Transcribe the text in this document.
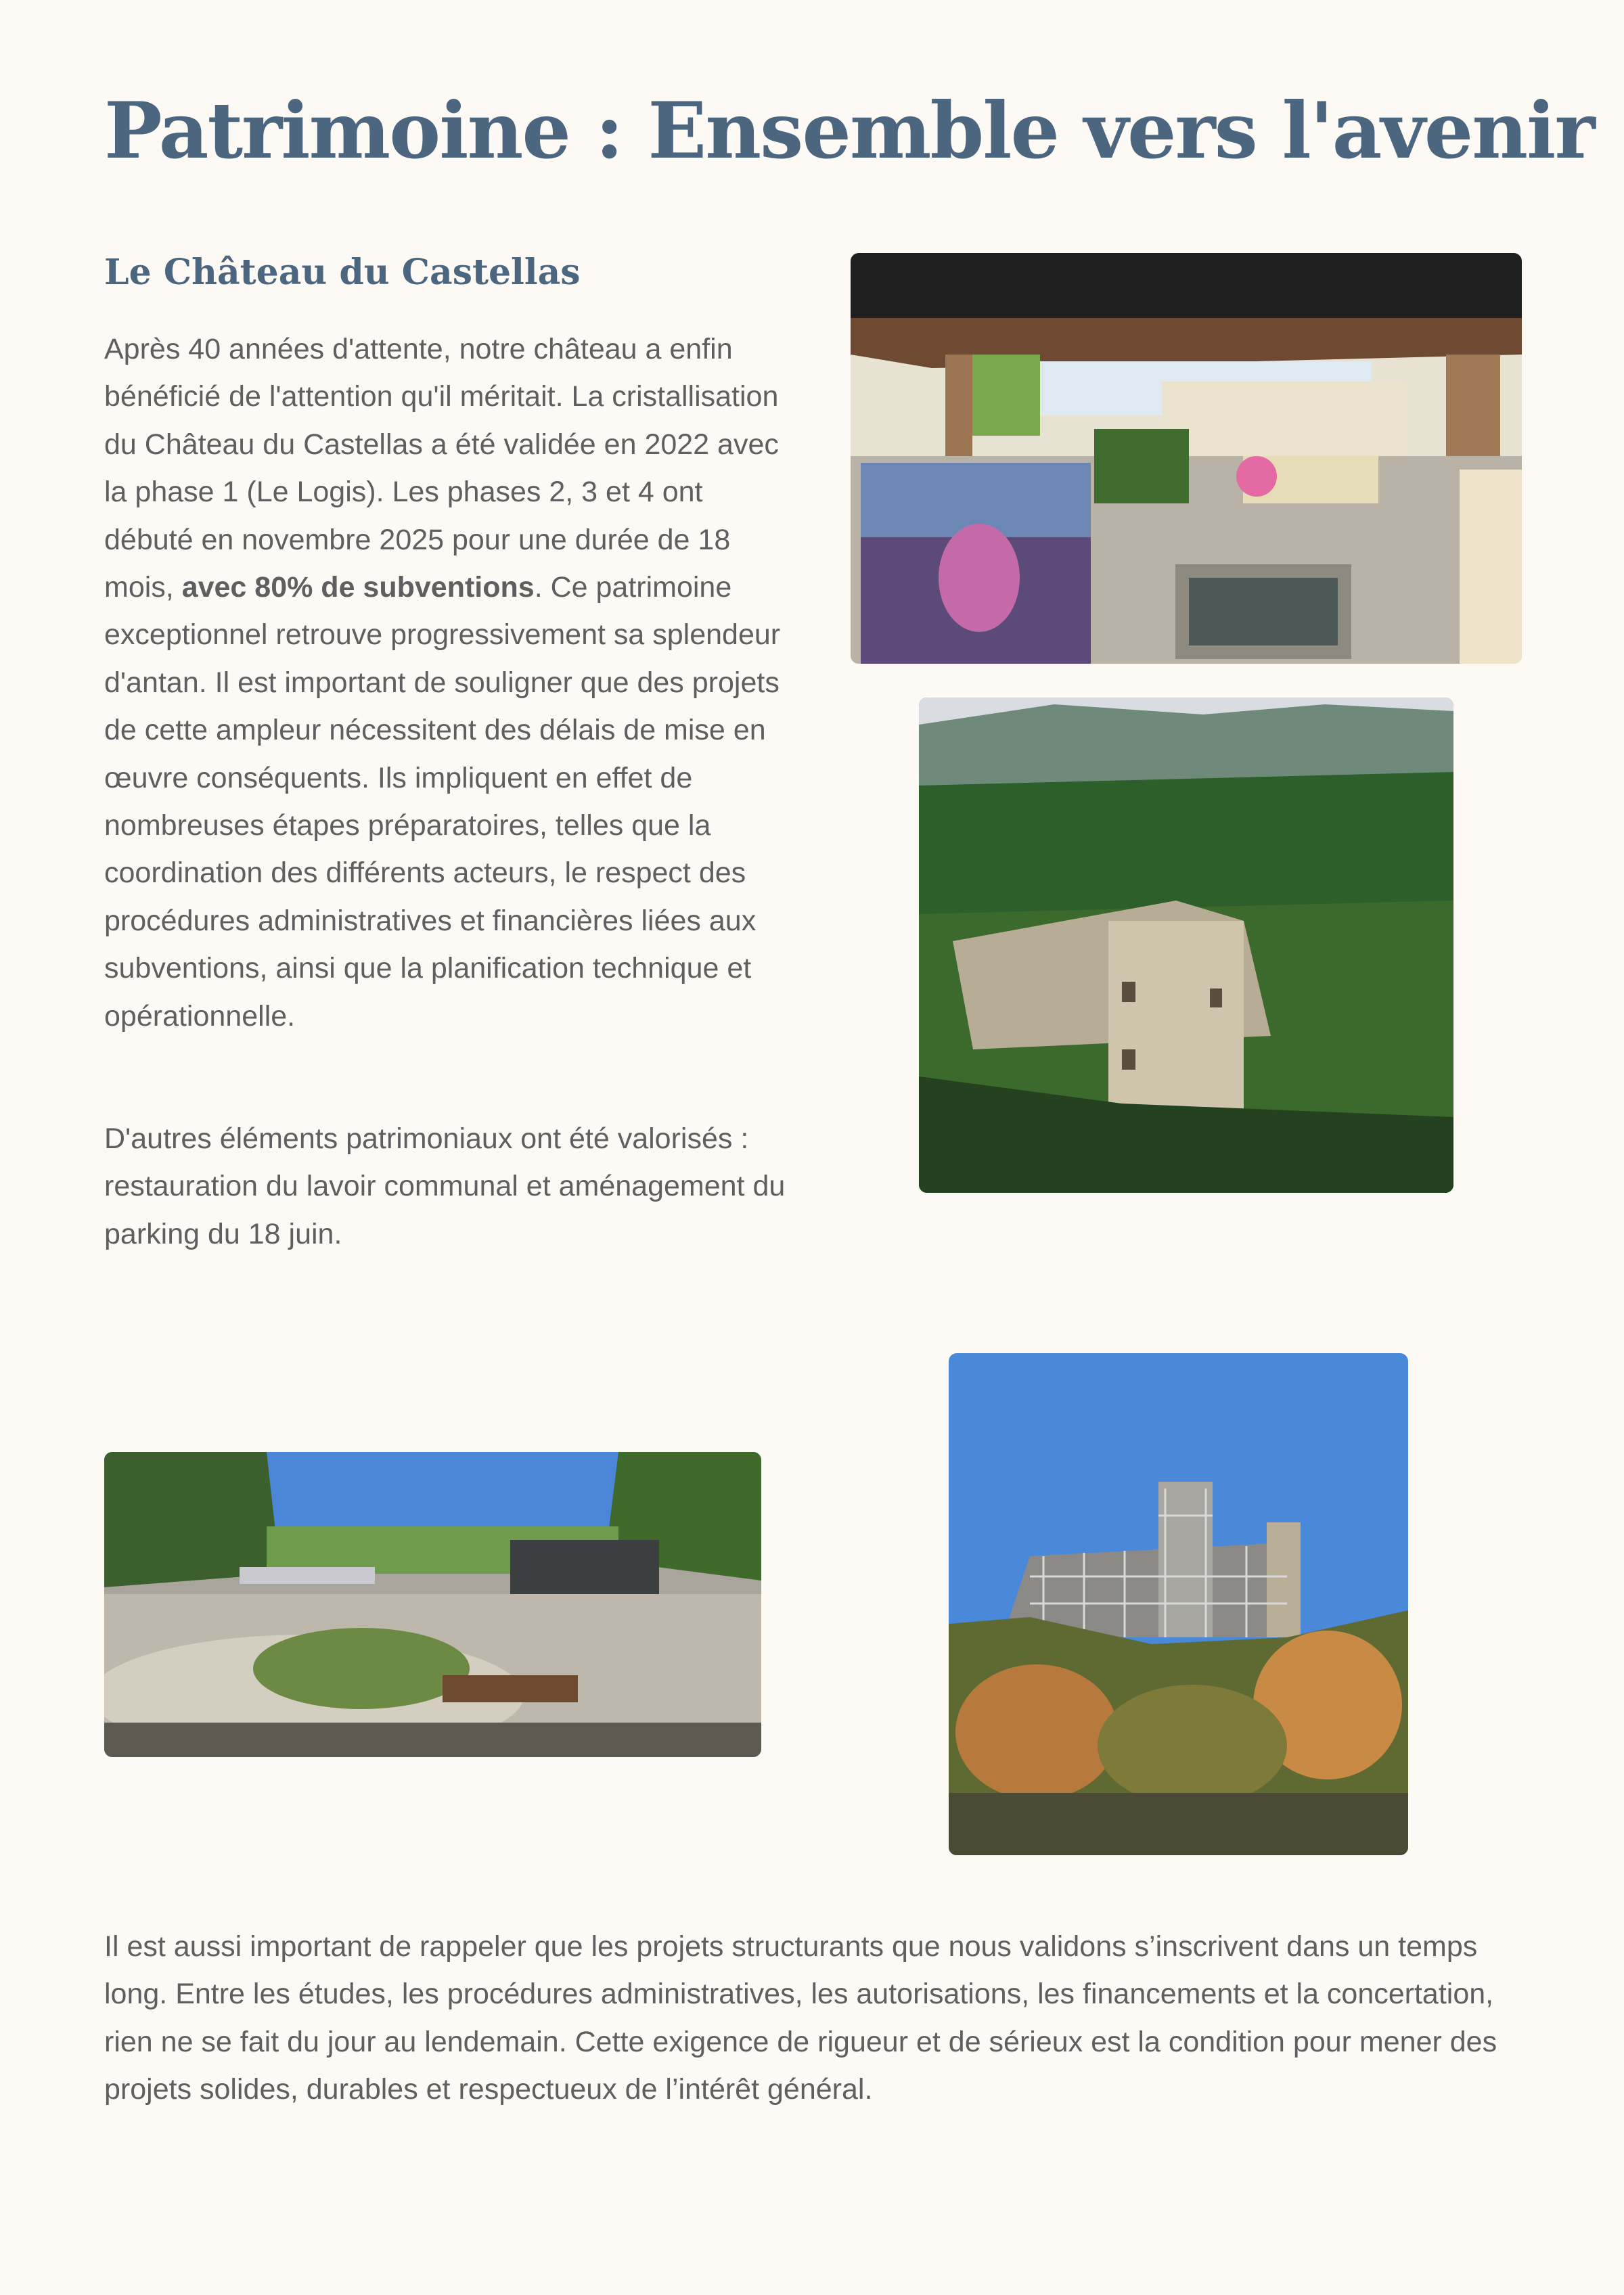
Patrimoine : Ensemble vers l'avenir
Le Château du Castellas

Après 40 années d'attente, notre château a enfin bénéficié de l'attention qu'il méritait. La cristallisation du Château du Castellas a été validée en 2022 avec la phase 1 (Le Logis). Les phases 2, 3 et 4 ont débuté en novembre 2025 pour une durée de 18 mois, avec 80% de subventions. Ce patrimoine exceptionnel retrouve progressivement sa splendeur d'antan. Il est important de souligner que des projets de cette ampleur nécessitent des délais de mise en œuvre conséquents. Ils impliquent en effet de nombreuses étapes préparatoires, telles que la coordination des différents acteurs, le respect des procédures administratives et financières liées aux subventions, ainsi que la planification technique et opérationnelle.

D'autres éléments patrimoniaux ont été valorisés : restauration du lavoir communal et aménagement du parking du 18 juin.

Il est aussi important de rappeler que les projets structurants que nous validons s’inscrivent dans un temps long. Entre les études, les procédures administratives, les autorisations, les financements et la concertation, rien ne se fait du jour au lendemain. Cette exigence de rigueur et de sérieux est la condition pour mener des projets solides, durables et respectueux de l’intérêt général.
